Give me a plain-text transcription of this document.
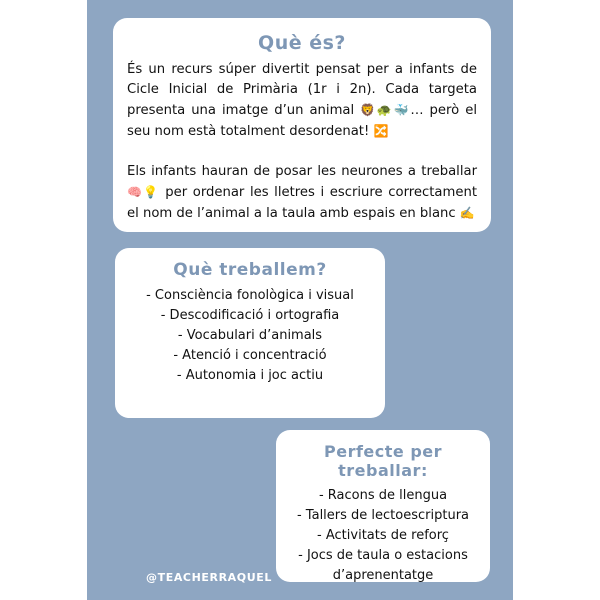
Què és?

És un recurs súper divertit pensat per a infants de Cicle Inicial de Primària (1r i 2n). Cada targeta presenta una imatge d’un animal 🦁🐢🐳… però el seu nom està totalment desordenat! 🔀

Els infants hauran de posar les neurones a treballar 🧠💡 per ordenar les lletres i escriure correctament el nom de l’animal a la taula amb espais en blanc ✍️

Què treballem?
- Consciència fonològica i visual
- Descodificació i ortografia
- Vocabulari d’animals
- Atenció i concentració
- Autonomia i joc actiu
Perfecte per treballar:
- Racons de llengua
- Tallers de lectoescriptura
- Activitats de reforç
- Jocs de taula o estacions
d’aprenentatge
@TEACHERRAQUEL
